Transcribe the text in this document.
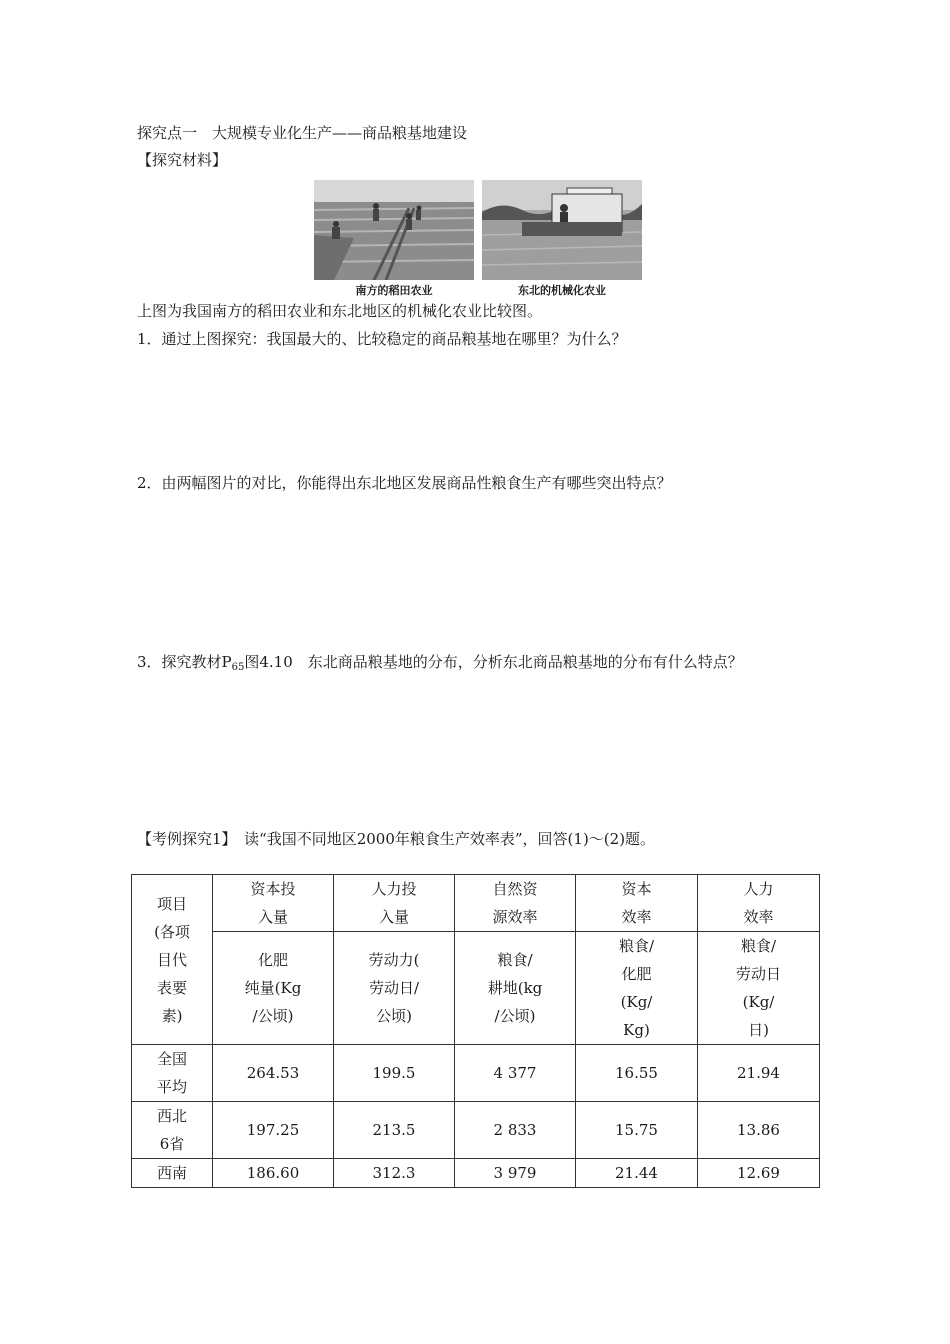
探究点一　大规模专业化生产——商品粮基地建设
【探究材料】
南方的稻田农业	东北的机械化农业
上图为我国南方的稻田农业和东北地区的机械化农业比较图。
1．通过上图探究：我国最大的、比较稳定的商品粮基地在哪里？为什么？
2．由两幅图片的对比，你能得出东北地区发展商品性粮食生产有哪些突出特点？
3．探究教材$P_{65}$图4.10　东北商品粮基地的分布，分析东北商品粮基地的分布有什么特点？
【考例探究1】　读“我国不同地区2000年粮食生产效率表”，回答(1)～(2)题。
项目
(各项
目代
表要
素)	资本投
入量	人力投
入量	自然资
源效率	资本
效率	人力
效率
	化肥
纯量(Kg
/公顷)	劳动力(
劳动日/
公顷)	粮食/
耕地(kg
/公顷)	粮食/
化肥
(Kg/
Kg)	粮食/
劳动日
(Kg/
日)
全国
平均	264.53	199.5	4 377	16.55	21.94
西北
6省	197.25	213.5	2 833	15.75	13.86
西南	186.60	312.3	3 979	21.44	12.69
